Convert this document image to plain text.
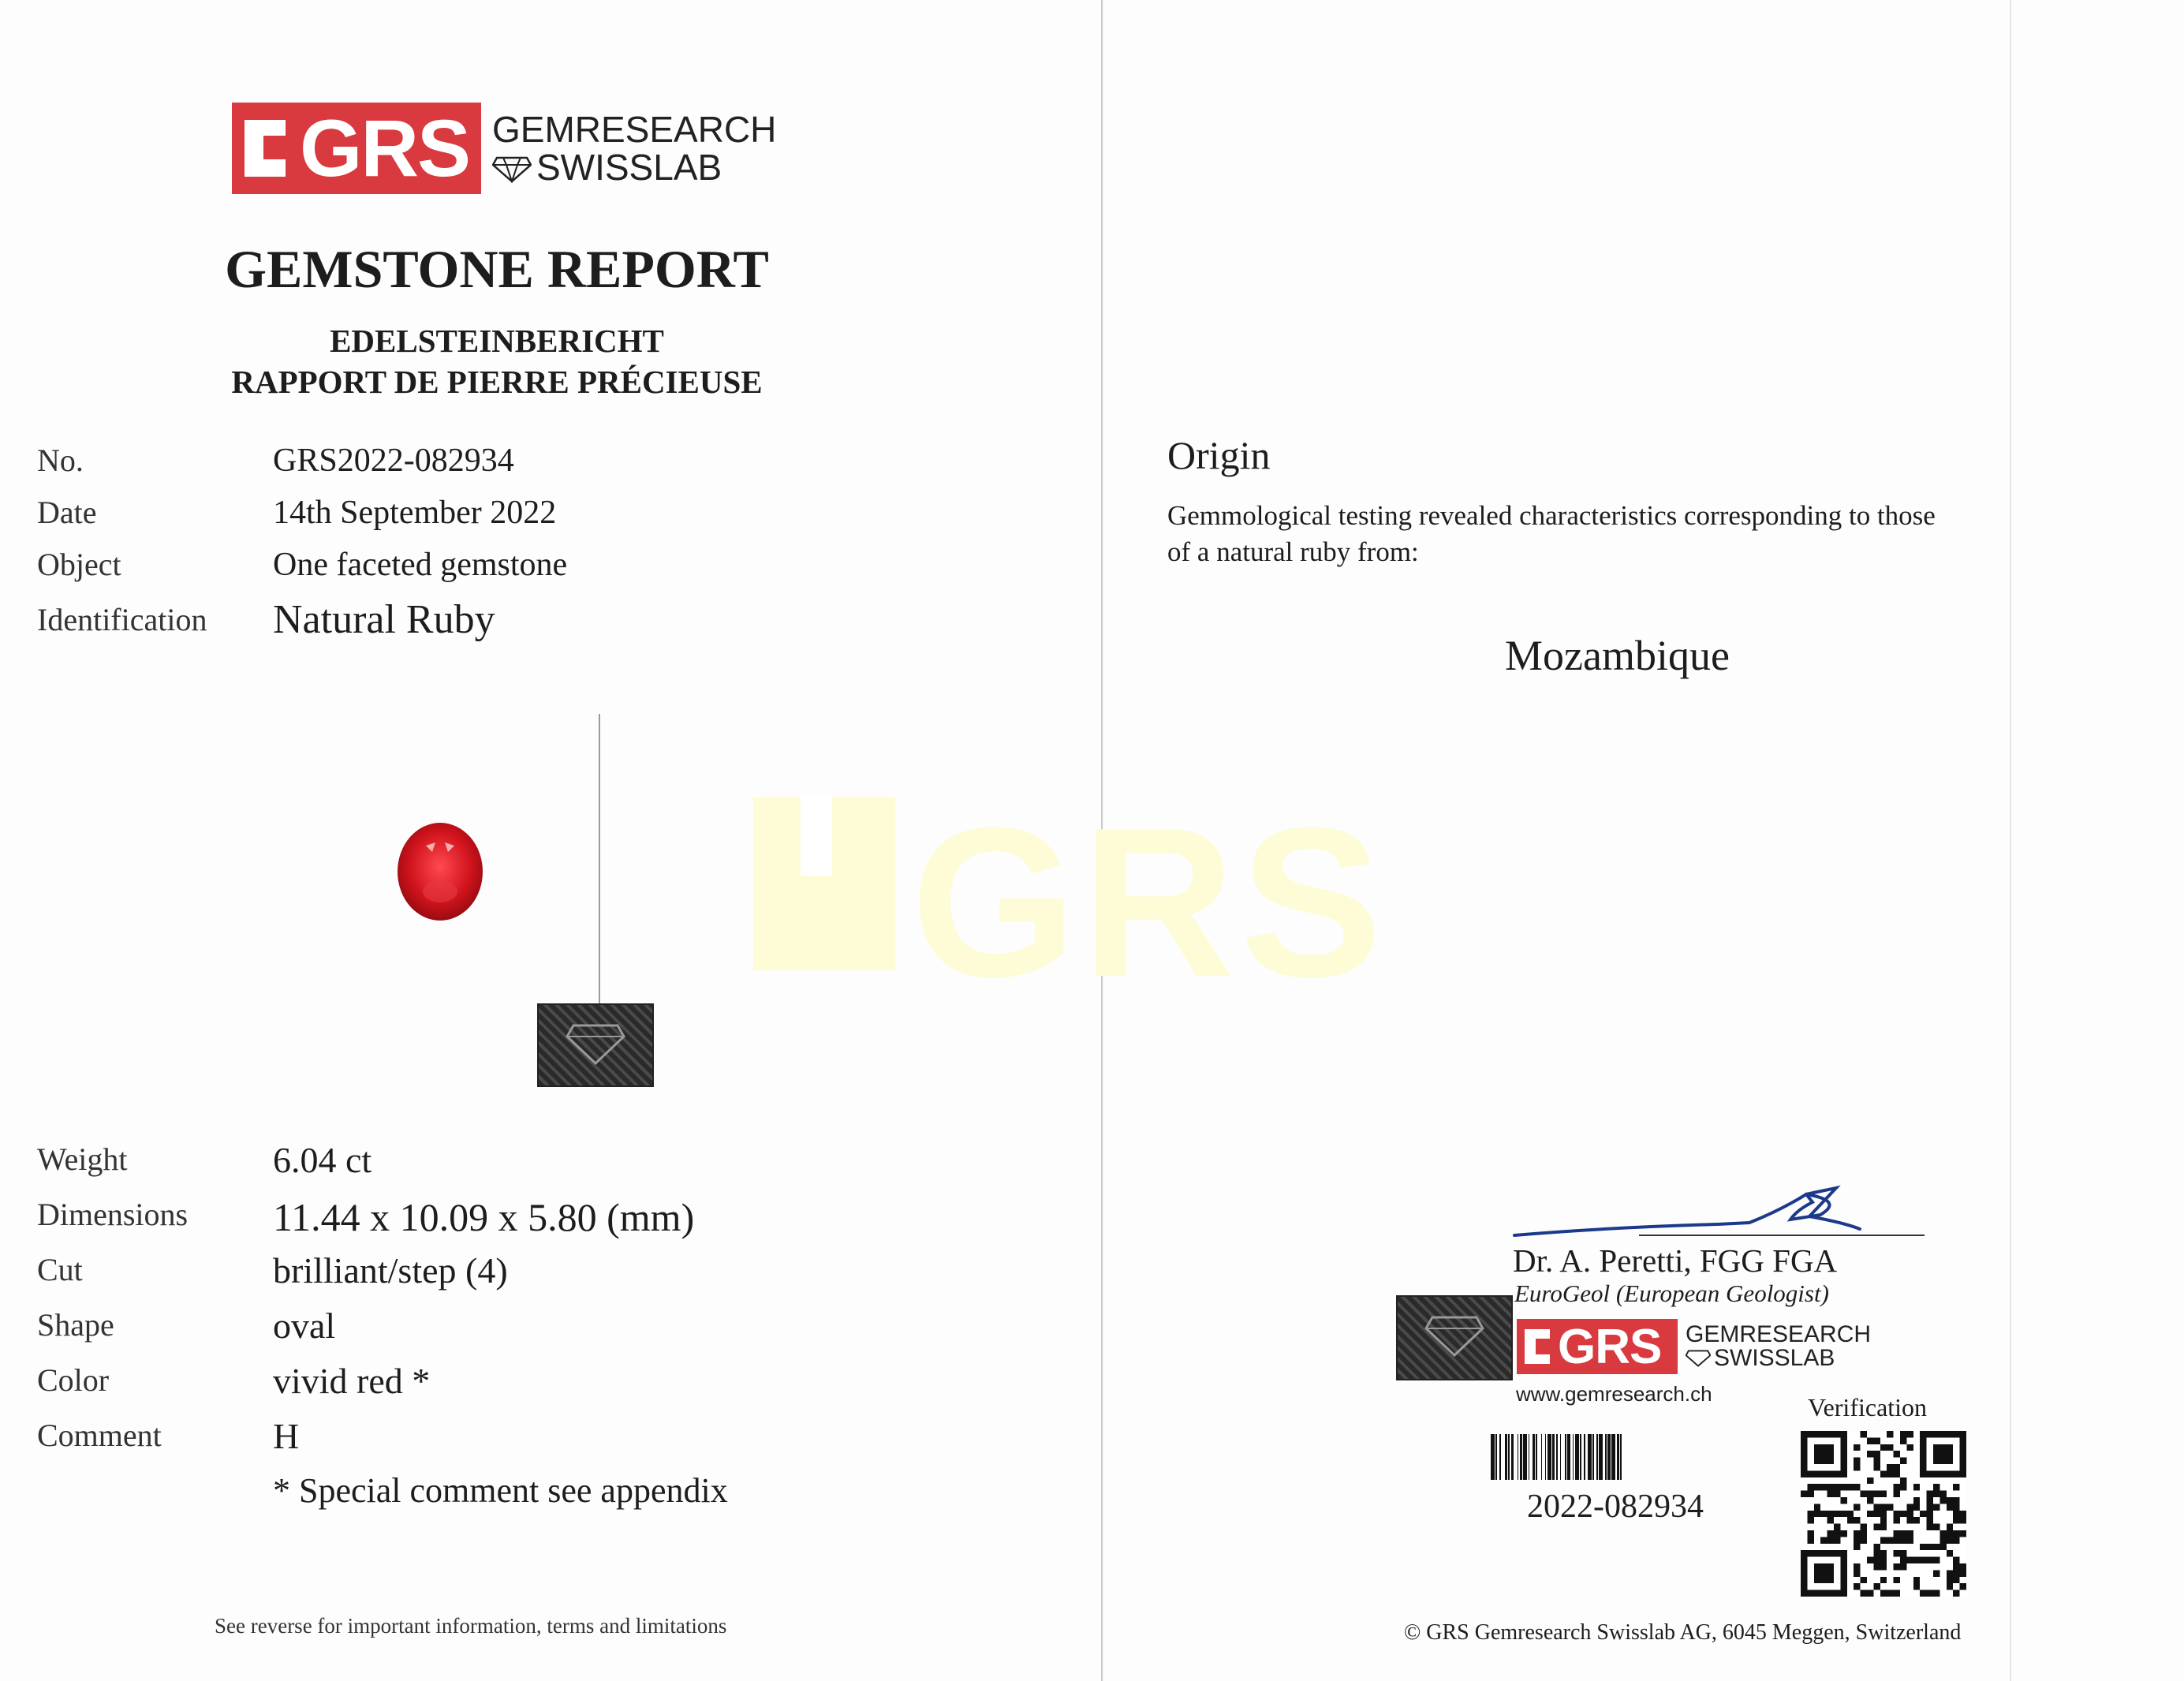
GRS
GRS GEMRESEARCH
SWISSLAB
GEMSTONE REPORT
EDELSTEINBERICHT
RAPPORT DE PIERRE PRÉCIEUSE
No.	GRS2022-082934
Date	14th September 2022
Object	One faceted gemstone
Identification Natural Ruby
Weight	6.04 ct
Dimensions 11.44 x 10.09 x 5.80 (mm)
Cut	brilliant/step (4)
Shape	oval
Color	vivid red *
Comment	H
* Special comment see appendix
See reverse for important information, terms and limitations
Origin
Gemmological testing revealed characteristics corresponding to those
of a natural ruby from:
Mozambique
Dr. A. Peretti, FGG FGA
EuroGeol (European Geologist)
GRS GEMRESEARCH
SWISSLAB
www.gemresearch.ch	Verification
2022-082934
© GRS Gemresearch Swisslab AG, 6045 Meggen, Switzerland
